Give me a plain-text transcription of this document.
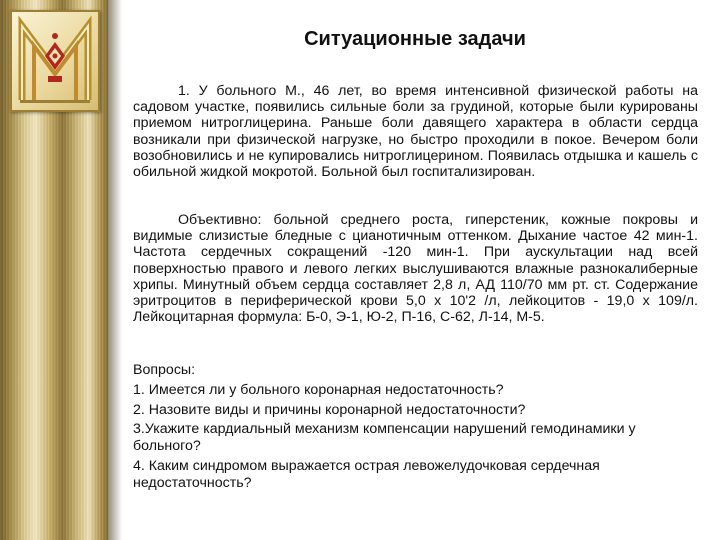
Ситуационные задачи

1. У больного М., 46 лет, во время интенсивной физической работы на садовом участке, появились сильные боли за грудиной, которые были курированы приемом нитроглицерина. Раньше боли давящего характера в области сердца возникали при физической нагрузке, но быстро проходили в покое. Вечером боли возобновились и не купировались нитроглицерином. Появилась отдышка и кашель с обильной жидкой мокротой. Больной был госпитализирован.

Объективно: больной среднего роста, гиперстеник, кожные покровы и видимые слизистые бледные с цианотичным оттенком. Дыхание частое 42 мин-1. Частота сердечных сокращений -120 мин-1. При аускультации над всей поверхностью правого и левого легких выслушиваются влажные разнокалиберные хрипы. Минутный объем сердца составляет 2,8 л, АД 110/70 мм рт. ст. Содержание эритроцитов в периферической крови 5,0 х 10'2 /л, лейкоцитов - 19,0 х 109/л. Лейкоцитарная формула: Б-0, Э-1, Ю-2, П-16, С-62, Л-14, М-5.

Вопросы:
1. Имеется ли у больного коронарная недостаточность?
2. Назовите виды и причины коронарной недостаточности?
3.Укажите кардиальный механизм компенсации нарушений гемодинамики у больного?
4. Каким синдромом выражается острая левожелудочковая сердечная недостаточность?
